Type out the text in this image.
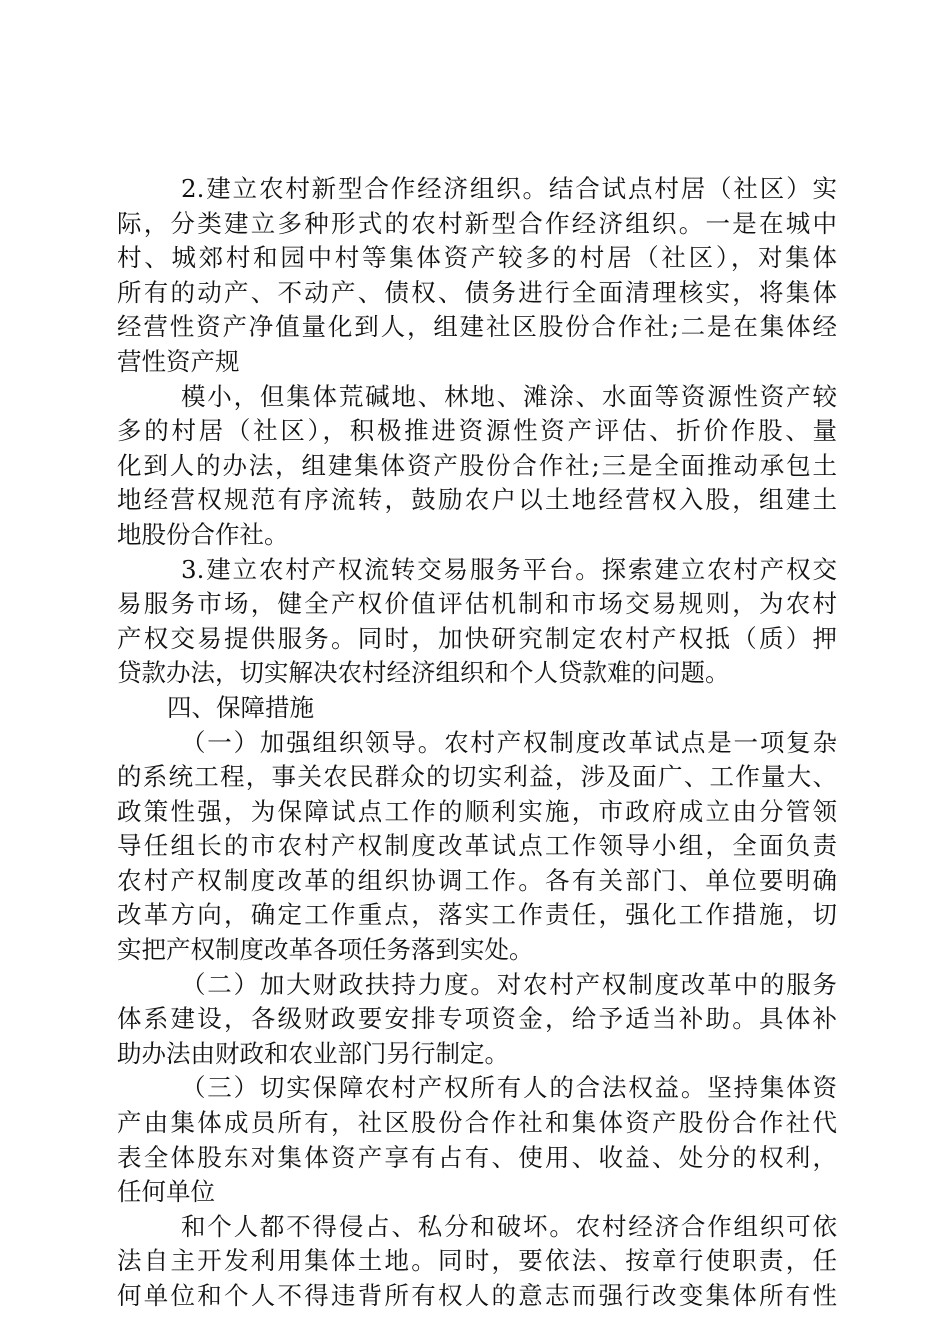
2.建立农村新型合作经济组织。结合试点村居（社区）实
际，分类建立多种形式的农村新型合作经济组织。一是在城中
村、城郊村和园中村等集体资产较多的村居（社区），对集体
所有的动产、不动产、债权、债务进行全面清理核实，将集体
经营性资产净值量化到人，组建社区股份合作社;二是在集体经
营性资产规
模小，但集体荒碱地、林地、滩涂、水面等资源性资产较
多的村居（社区），积极推进资源性资产评估、折价作股、量
化到人的办法，组建集体资产股份合作社;三是全面推动承包土
地经营权规范有序流转，鼓励农户以土地经营权入股，组建土
地股份合作社。
3.建立农村产权流转交易服务平台。探索建立农村产权交
易服务市场，健全产权价值评估机制和市场交易规则，为农村
产权交易提供服务。同时，加快研究制定农村产权抵（质）押
贷款办法，切实解决农村经济组织和个人贷款难的问题。
四、保障措施
（一）加强组织领导。农村产权制度改革试点是一项复杂
的系统工程，事关农民群众的切实利益，涉及面广、工作量大、
政策性强，为保障试点工作的顺利实施，市政府成立由分管领
导任组长的市农村产权制度改革试点工作领导小组，全面负责
农村产权制度改革的组织协调工作。各有关部门、单位要明确
改革方向，确定工作重点，落实工作责任，强化工作措施，切
实把产权制度改革各项任务落到实处。
（二）加大财政扶持力度。对农村产权制度改革中的服务
体系建设，各级财政要安排专项资金，给予适当补助。具体补
助办法由财政和农业部门另行制定。
（三）切实保障农村产权所有人的合法权益。坚持集体资
产由集体成员所有，社区股份合作社和集体资产股份合作社代
表全体股东对集体资产享有占有、使用、收益、处分的权利，
任何单位
和个人都不得侵占、私分和破坏。农村经济合作组织可依
法自主开发利用集体土地。同时，要依法、按章行使职责，任
何单位和个人不得违背所有权人的意志而强行改变集体所有性
